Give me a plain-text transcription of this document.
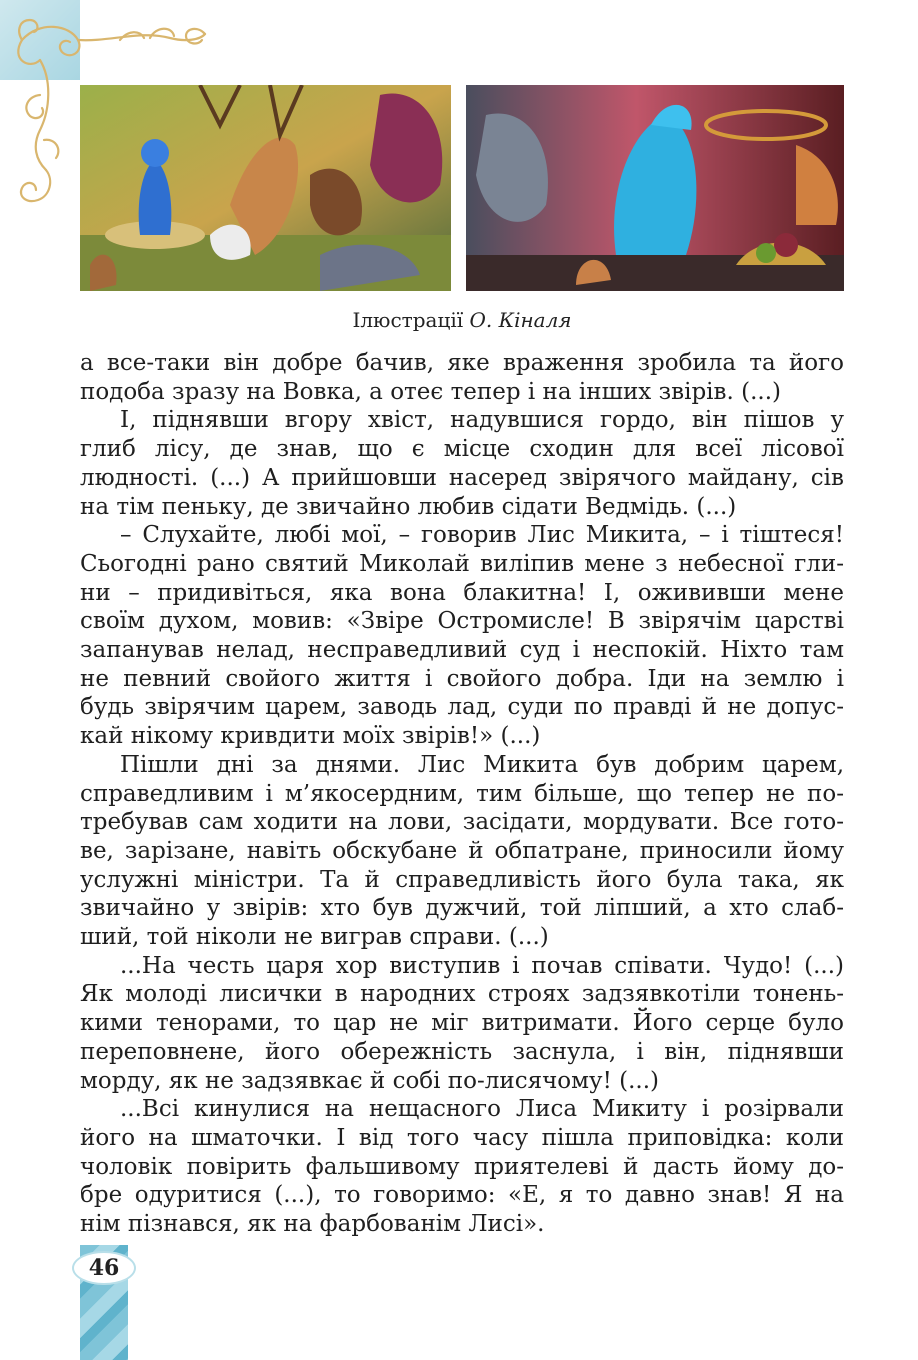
Ілюстрації О. Кіналя
а все-таки він добре бачив, яке враження зробила та його
подоба зразу на Вовка, а отеє тепер і на інших звірів. (...)
І, піднявши вгору хвіст, надувшися гордо, він пішов у
глиб лісу, де знав, що є місце сходин для всеї лісової
людності. (...) А прийшовши насеред звірячого майдану, сів
на тім пеньку, де звичайно любив сідати Ведмідь. (...)
– Слухайте, любі мої, – говорив Лис Микита, – і тіштеся!
Сьогодні рано святий Миколай виліпив мене з небесної гли-
ни – придивіться, яка вона блакитна! І, ожививши мене
своїм духом, мовив: «Звіре Остромисле! В звірячім царстві
запанував нелад, несправедливий суд і неспокій. Ніхто там
не певний свойого життя і свойого добра. Іди на землю і
будь звірячим царем, заводь лад, суди по правді й не допус-
кай нікому кривдити моїх звірів!» (...)
Пішли дні за днями. Лис Микита був добрим царем,
справедливим і м’якосердним, тим більше, що тепер не по-
требував сам ходити на лови, засідати, мордувати. Все гото-
ве, зарізане, навіть обскубане й обпатране, приносили йому
услужні міністри. Та й справедливість його була така, як
звичайно у звірів: хто був дужчий, той ліпший, а хто слаб-
ший, той ніколи не виграв справи. (...)
...На честь царя хор виступив і почав співати. Чудо! (...)
Як молоді лисички в народних строях задзявкотіли тонень-
кими тенорами, то цар не міг витримати. Його серце було
переповнене, його обережність заснула, і він, піднявши
морду, як не задзявкає й собі по-лисячому! (...)
...Всі кинулися на нещасного Лиса Микиту і розірвали
його на шматочки. І від того часу пішла приповідка: коли
чоловік повірить фальшивому приятелеві й дасть йому до-
бре одуритися (...), то говоримо: «Е, я то давно знав! Я на
нім пізнався, як на фарбованім Лисі».
46
